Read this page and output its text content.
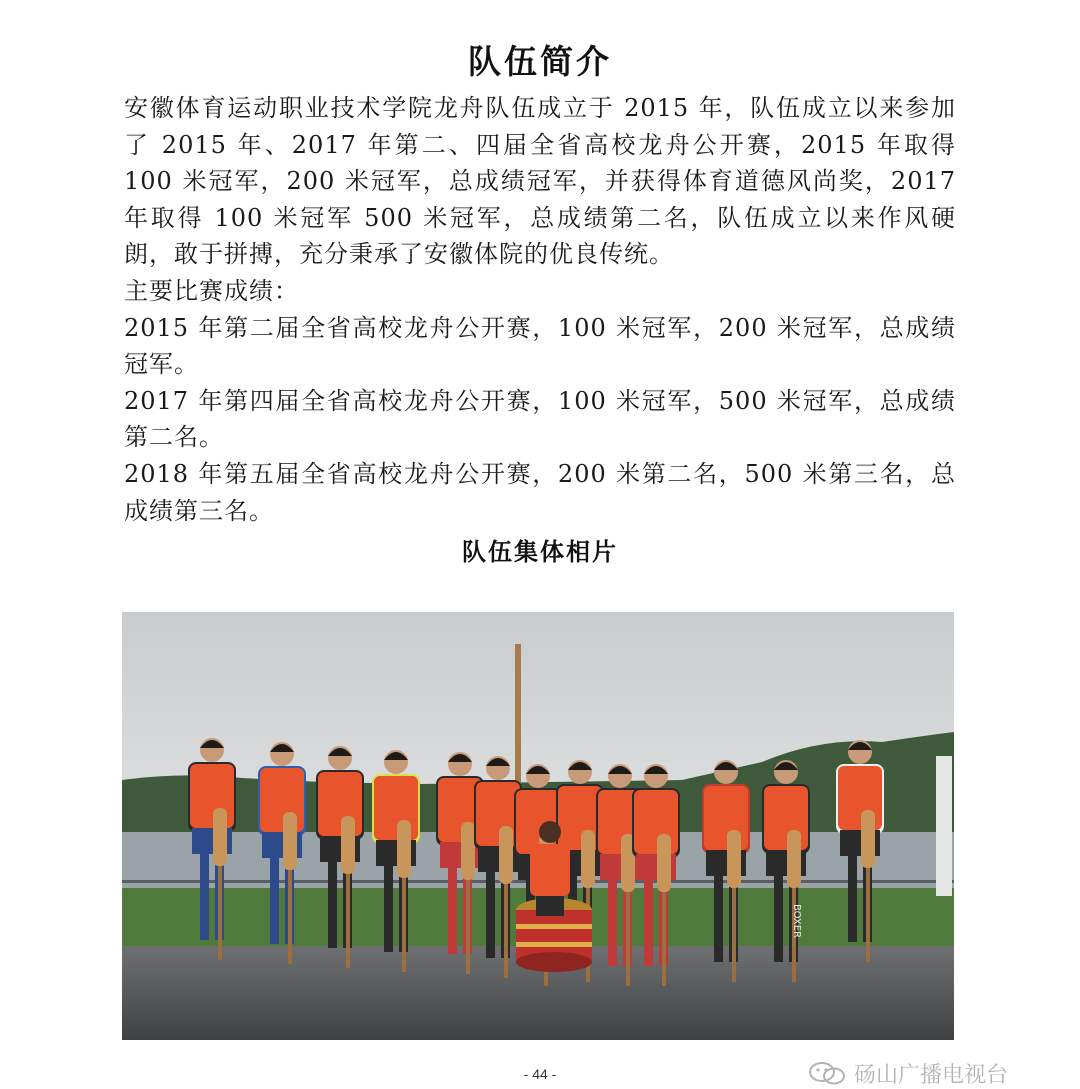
队伍简介

安徽体育运动职业技术学院龙舟队伍成立于 2015 年，队伍成立以来参加了 2015 年、2017 年第二、四届全省高校龙舟公开赛，2015 年取得 100 米冠军，200 米冠军，总成绩冠军，并获得体育道德风尚奖，2017 年取得 100 米冠军 500 米冠军，总成绩第二名，队伍成立以来作风硬朗，敢于拼搏，充分秉承了安徽体院的优良传统。

主要比赛成绩：

2015 年第二届全省高校龙舟公开赛，100 米冠军，200 米冠军，总成绩冠军。

2017 年第四届全省高校龙舟公开赛，100 米冠军，500 米冠军，总成绩第二名。

2018 年第五届全省高校龙舟公开赛，200 米第二名，500 米第三名，总成绩第三名。

队伍集体相片
BOXER
- 44 -	砀山广播电视台
